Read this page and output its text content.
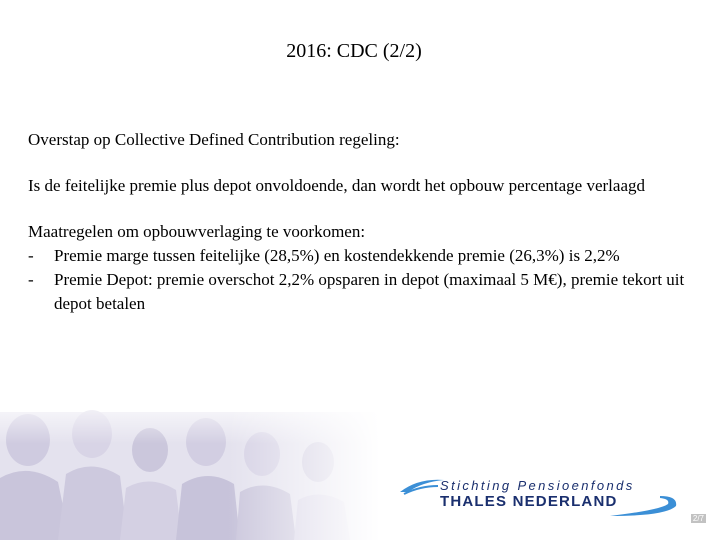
2016: CDC (2/2)

Overstap op Collective Defined Contribution regeling:

Is de feitelijke premie plus depot onvoldoende, dan wordt het opbouw percentage verlaagd

Maatregelen om opbouwverlaging te voorkomen:

-	Premie marge tussen feitelijke (28,5%) en kostendekkende premie (26,3%) is 2,2%
-	Premie Depot: premie overschot 2,2% opsparen in depot (maximaal 5 M€), premie tekort uit depot betalen
Stichting Pensioenfonds
THALES NEDERLAND
2/7
